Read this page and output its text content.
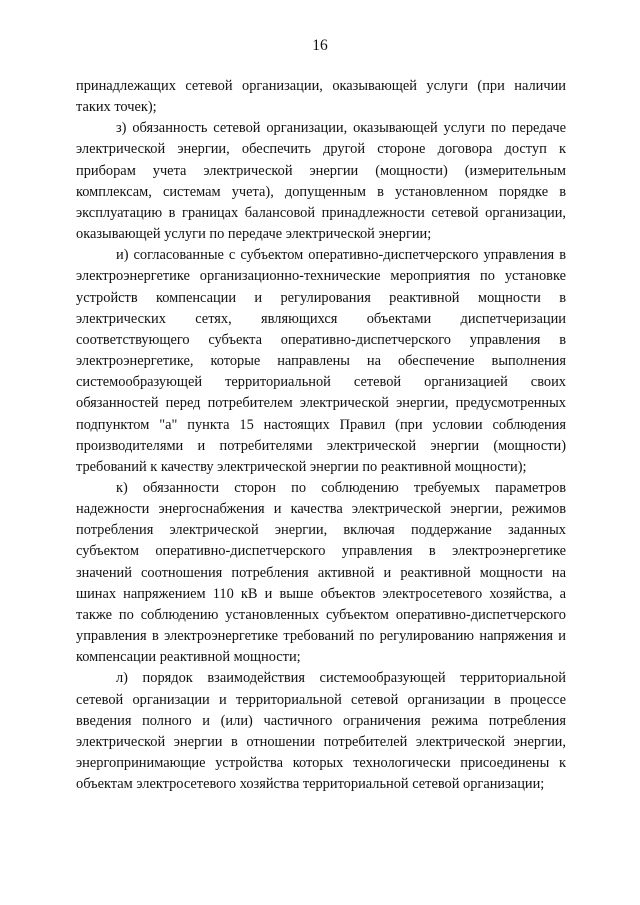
16

принадлежащих сетевой организации, оказывающей услуги (при наличии таких точек);

з) обязанность сетевой организации, оказывающей услуги по передаче электрической энергии, обеспечить другой стороне договора доступ к приборам учета электрической энергии (мощности) (измерительным комплексам, системам учета), допущенным в установленном порядке в эксплуатацию в границах балансовой принадлежности сетевой организации, оказывающей услуги по передаче электрической энергии;

и) согласованные с субъектом оперативно-диспетчерского управления в электроэнергетике организационно-технические мероприятия по установке устройств компенсации и регулирования реактивной мощности в электрических сетях, являющихся объектами диспетчеризации соответствующего субъекта оперативно-диспетчерского управления в электроэнергетике, которые направлены на обеспечение выполнения системообразующей территориальной сетевой организацией своих обязанностей перед потребителем электрической энергии, предусмотренных подпунктом "а" пункта 15 настоящих Правил (при условии соблюдения производителями и потребителями электрической энергии (мощности) требований к качеству электрической энергии по реактивной мощности);

к) обязанности сторон по соблюдению требуемых параметров надежности энергоснабжения и качества электрической энергии, режимов потребления электрической энергии, включая поддержание заданных субъектом оперативно-диспетчерского управления в электроэнергетике значений соотношения потребления активной и реактивной мощности на шинах напряжением 110 кВ и выше объектов электросетевого хозяйства, а также по соблюдению установленных субъектом оперативно-диспетчерского управления в электроэнергетике требований по регулированию напряжения и компенсации реактивной мощности;

л) порядок взаимодействия системообразующей территориальной сетевой организации и территориальной сетевой организации в процессе введения полного и (или) частичного ограничения режима потребления электрической энергии в отношении потребителей электрической энергии, энергопринимающие устройства которых технологически присоединены к объектам электросетевого хозяйства территориальной сетевой организации;
